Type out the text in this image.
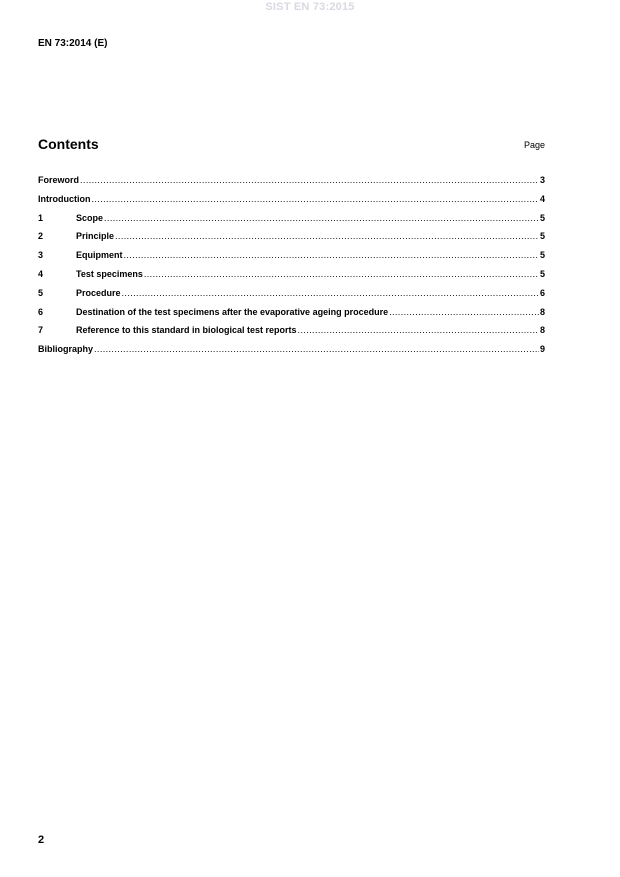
SIST EN 73:2015
EN 73:2014 (E)
Contents	Page
Foreword .....	3
Introduction .....	4
1	Scope .....	5
2	Principle .....	5
3	Equipment .....	5
4	Test specimens .....	5
5	Procedure .....	6
6	Destination of the test specimens after the evaporative ageing procedure .....	8
7	Reference to this standard in biological test reports .....	8
Bibliography .....	9
2
